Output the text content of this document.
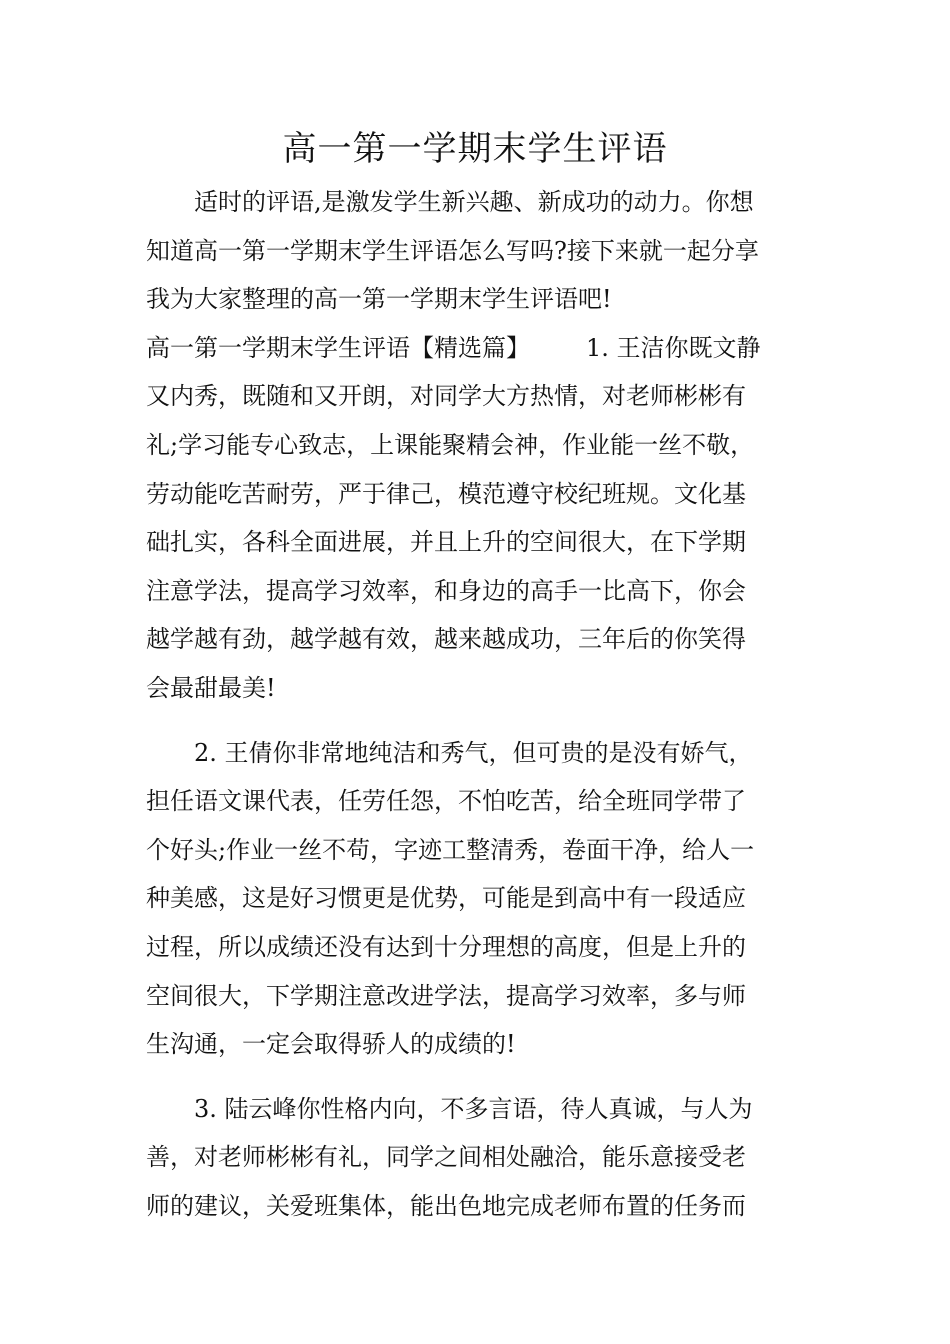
高一第一学期末学生评语
适时的评语,是激发学生新兴趣、新成功的动力。你想
知道高一第一学期末学生评语怎么写吗?接下来就一起分享
我为大家整理的高一第一学期末学生评语吧!
高一第一学期末学生评语【精选篇】 1. 王洁你既文静
又内秀，既随和又开朗，对同学大方热情，对老师彬彬有
礼;学习能专心致志，上课能聚精会神，作业能一丝不敬，
劳动能吃苦耐劳，严于律己，模范遵守校纪班规。文化基
础扎实，各科全面进展，并且上升的空间很大，在下学期
注意学法，提高学习效率，和身边的高手一比高下，你会
越学越有劲，越学越有效，越来越成功，三年后的你笑得
会最甜最美!
2. 王倩你非常地纯洁和秀气，但可贵的是没有娇气，
担任语文课代表，任劳任怨，不怕吃苦，给全班同学带了
个好头;作业一丝不苟，字迹工整清秀，卷面干净，给人一
种美感，这是好习惯更是优势，可能是到高中有一段适应
过程，所以成绩还没有达到十分理想的高度，但是上升的
空间很大，下学期注意改进学法，提高学习效率，多与师
生沟通，一定会取得骄人的成绩的!
3. 陆云峰你性格内向，不多言语，待人真诚，与人为
善，对老师彬彬有礼，同学之间相处融洽，能乐意接受老
师的建议，关爱班集体，能出色地完成老师布置的任务而
